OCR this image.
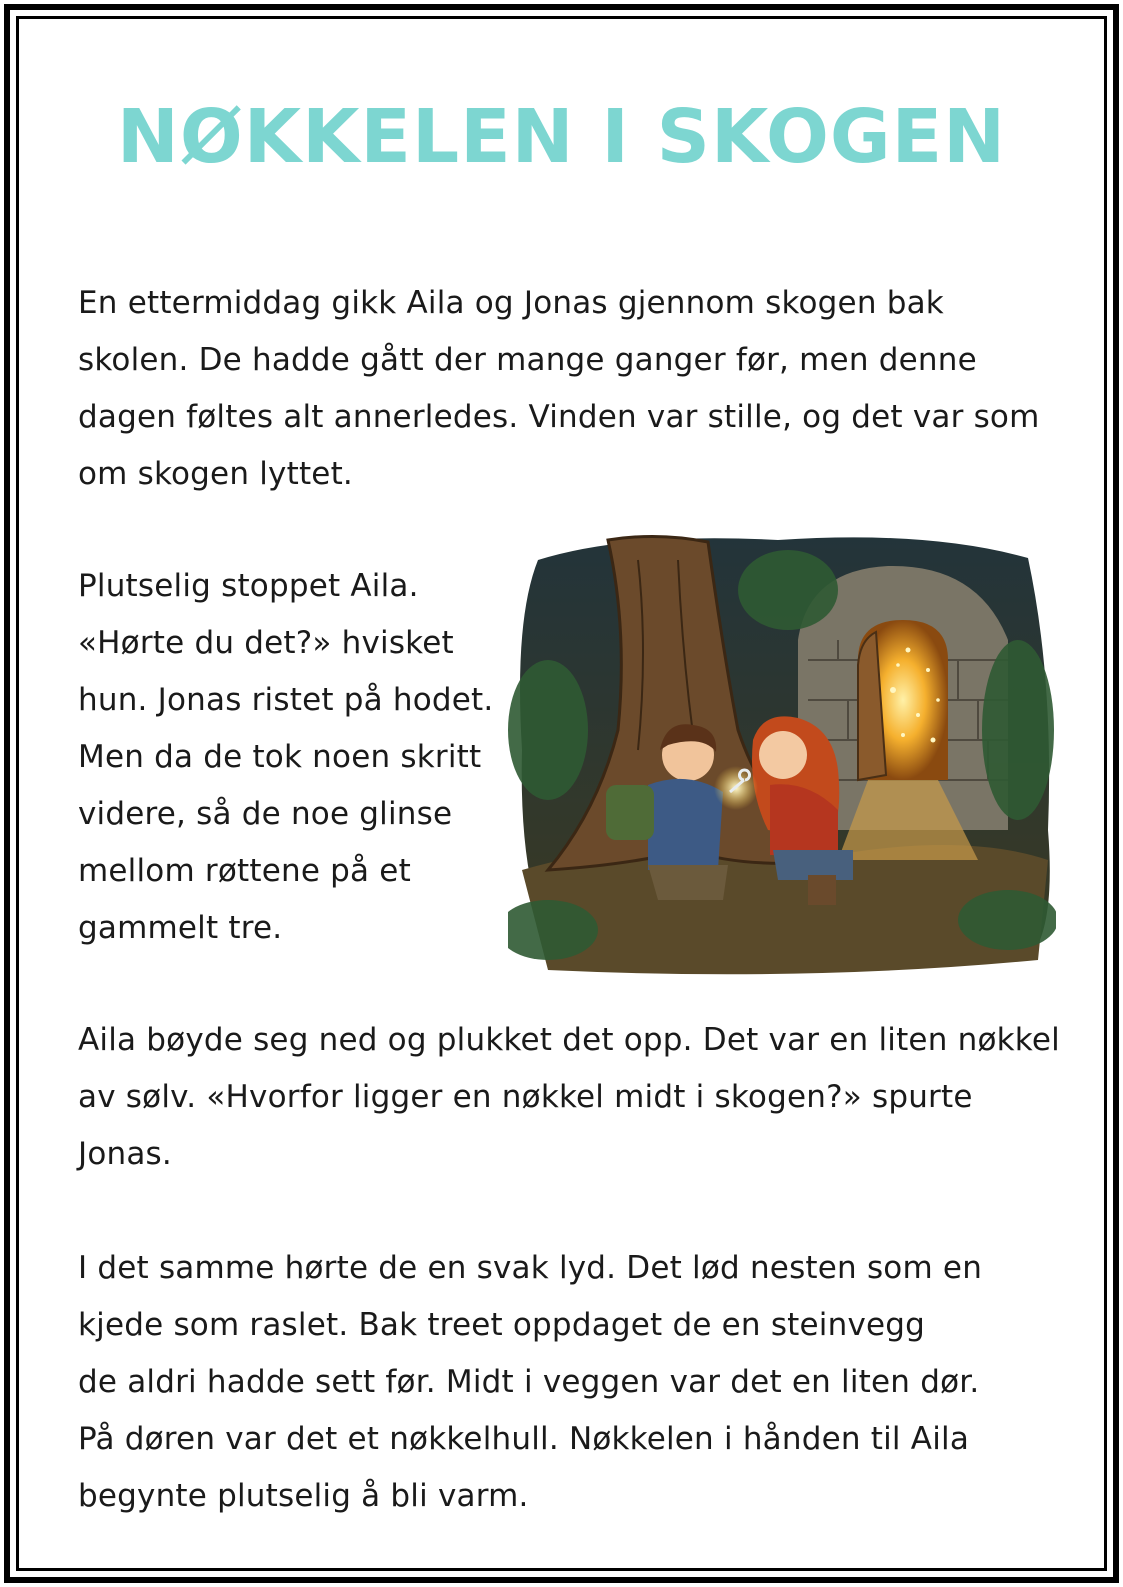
NØKKELEN I SKOGEN

En ettermiddag gikk Aila og Jonas gjennom skogen bak
skolen. De hadde gått der mange ganger før, men denne
dagen føltes alt annerledes. Vinden var stille, og det var som
om skogen lyttet.

Plutselig stoppet Aila.
«Hørte du det?» hvisket
hun. Jonas ristet på hodet.
Men da de tok noen skritt
videre, så de noe glinse
mellom røttene på et
gammelt tre.

Aila bøyde seg ned og plukket det opp. Det var en liten nøkkel
av sølv. «Hvorfor ligger en nøkkel midt i skogen?» spurte
Jonas.

I det samme hørte de en svak lyd. Det lød nesten som en
kjede som raslet. Bak treet oppdaget de en steinvegg
de aldri hadde sett før. Midt i veggen var det en liten dør.
På døren var det et nøkkelhull. Nøkkelen i hånden til Aila
begynte plutselig å bli varm.
